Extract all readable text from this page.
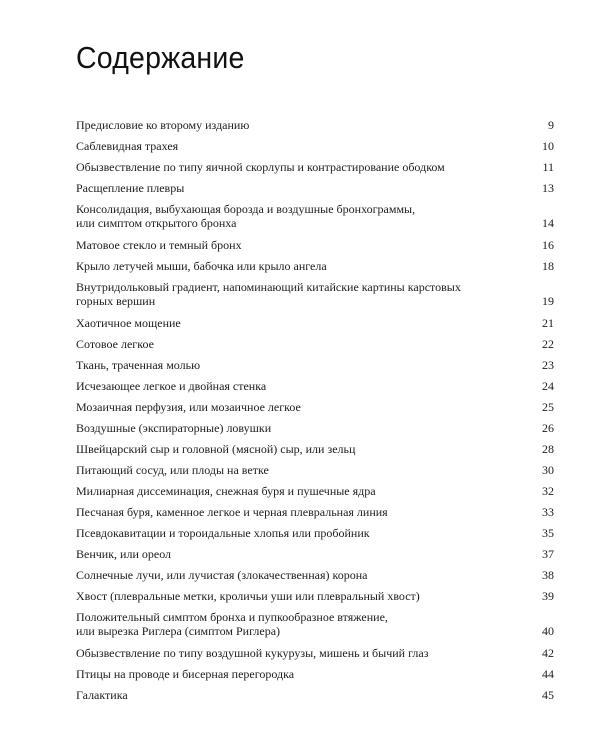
Содержание
Предисловие ко второму изданию	9
Саблевидная трахея	10
Обызвествление по типу яичной скорлупы и контрастирование ободком	11
Расщепление плевры	13
Консолидация, выбухающая борозда и воздушные бронхограммы,
или симптом открытого бронха	14
Матовое стекло и темный бронх	16
Крыло летучей мыши, бабочка или крыло ангела	18
Внутридольковый градиент, напоминающий китайские картины карстовых
горных вершин	19
Хаотичное мощение	21
Сотовое легкое	22
Ткань, траченная молью	23
Исчезающее легкое и двойная стенка	24
Мозаичная перфузия, или мозаичное легкое	25
Воздушные (экспираторные) ловушки	26
Швейцарский сыр и головной (мясной) сыр, или зельц	28
Питающий сосуд, или плоды на ветке	30
Милиарная диссеминация, снежная буря и пушечные ядра	32
Песчаная буря, каменное легкое и черная плевральная линия	33
Псевдокавитации и тороидальные хлопья или пробойник	35
Венчик, или ореол	37
Солнечные лучи, или лучистая (злокачественная) корона	38
Хвост (плевральные метки, кроличьи уши или плевральный хвост)	39
Положительный симптом бронха и пупкообразное втяжение,
или вырезка Риглера (симптом Риглера)	40
Обызвествление по типу воздушной кукурузы, мишень и бычий глаз	42
Птицы на проводе и бисерная перегородка	44
Галактика	45
